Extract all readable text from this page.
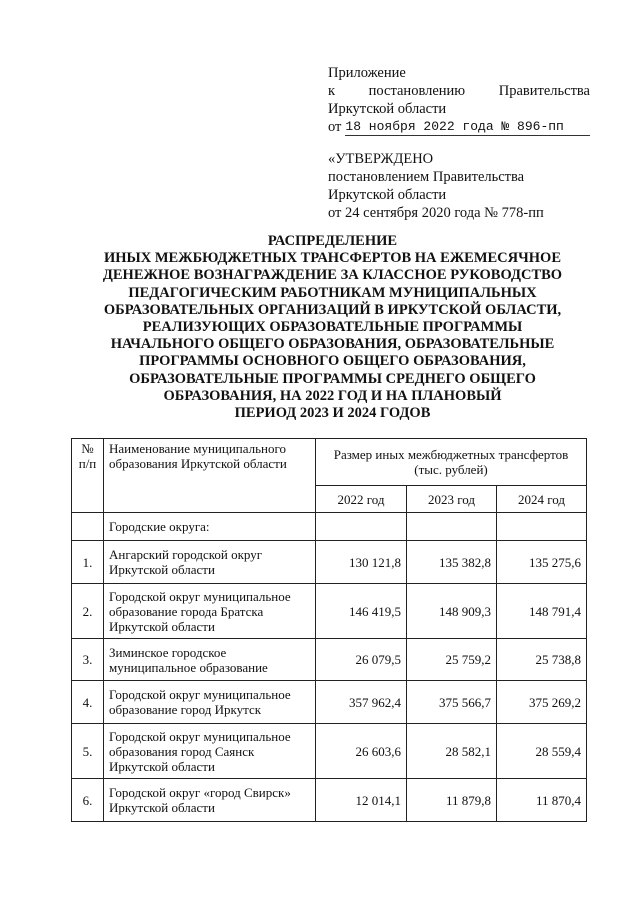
Приложение
к постановлению Правительства
Иркутской области
от 18 ноября 2022 года № 896-пп
«УТВЕРЖДЕНО
постановлением Правительства
Иркутской области
от 24 сентября 2020 года № 778-пп
РАСПРЕДЕЛЕНИЕ
ИНЫХ МЕЖБЮДЖЕТНЫХ ТРАНСФЕРТОВ НА ЕЖЕМЕСЯЧНОЕ
ДЕНЕЖНОЕ ВОЗНАГРАЖДЕНИЕ ЗА КЛАССНОЕ РУКОВОДСТВО
ПЕДАГОГИЧЕСКИМ РАБОТНИКАМ МУНИЦИПАЛЬНЫХ
ОБРАЗОВАТЕЛЬНЫХ ОРГАНИЗАЦИЙ В ИРКУТСКОЙ ОБЛАСТИ,
РЕАЛИЗУЮЩИХ ОБРАЗОВАТЕЛЬНЫЕ ПРОГРАММЫ
НАЧАЛЬНОГО ОБЩЕГО ОБРАЗОВАНИЯ, ОБРАЗОВАТЕЛЬНЫЕ
ПРОГРАММЫ ОСНОВНОГО ОБЩЕГО ОБРАЗОВАНИЯ,
ОБРАЗОВАТЕЛЬНЫЕ ПРОГРАММЫ СРЕДНЕГО ОБЩЕГО
ОБРАЗОВАНИЯ, НА 2022 ГОД И НА ПЛАНОВЫЙ
ПЕРИОД 2023 И 2024 ГОДОВ
№ п/п	Наименование муниципального образования Иркутской области	Размер иных межбюджетных трансфертов (тыс. рублей)		
		2022 год	2023 год	2024 год
	Городские округа:			
1.	Ангарский городской округ Иркутской области	130 121,8	135 382,8	135 275,6
2.	Городской округ муниципальное образование города Братска Иркутской области	146 419,5	148 909,3	148 791,4
3.	Зиминское городское муниципальное образование	26 079,5	25 759,2	25 738,8
4.	Городской округ муниципальное образование город Иркутск	357 962,4	375 566,7	375 269,2
5.	Городской округ муниципальное образования город Саянск Иркутской области	26 603,6	28 582,1	28 559,4
6.	Городской округ «город Свирск» Иркутской области	12 014,1	11 879,8	11 870,4
